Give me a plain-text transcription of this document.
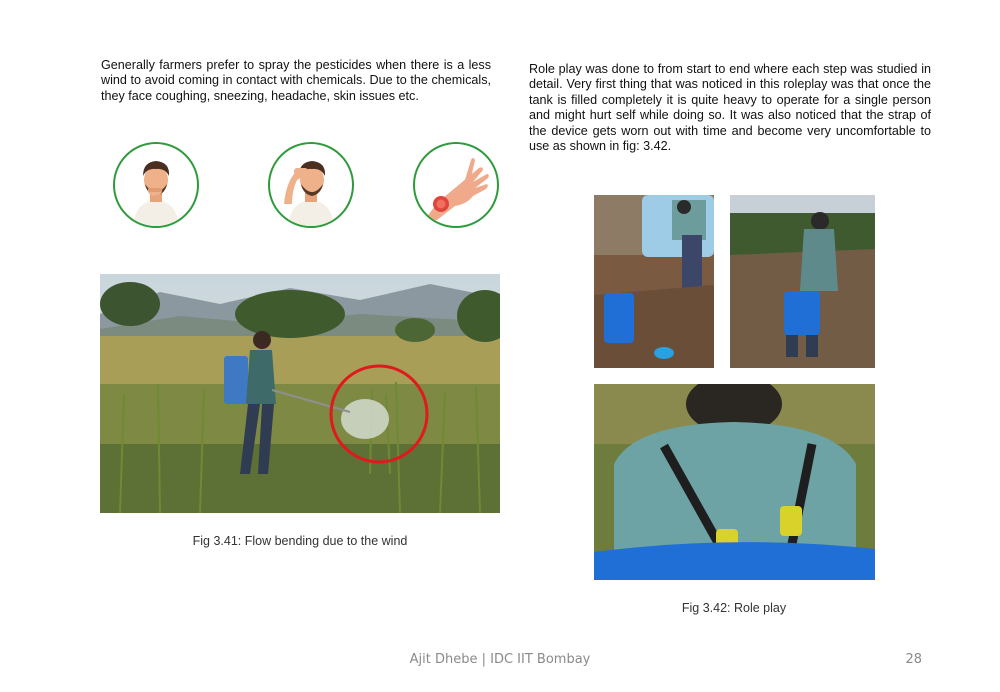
Generally farmers prefer to spray the pesticides when there is a less wind to avoid coming in contact with chemicals. Due to the chemicals, they face coughing, sneezing, headache, skin issues etc.

Fig 3.41: Flow bending due to the wind

Role play was done to from start to end where each step was studied in detail. Very first thing that was noticed in this roleplay was that once the tank is filled completely it is quite heavy to operate for a single person and might hurt self while doing so. It was also noticed that the strap of the device gets worn out with time and become very uncomfortable to use as shown in fig: 3.42.

Fig 3.42: Role play
Ajit Dhebe | IDC IIT Bombay	28
